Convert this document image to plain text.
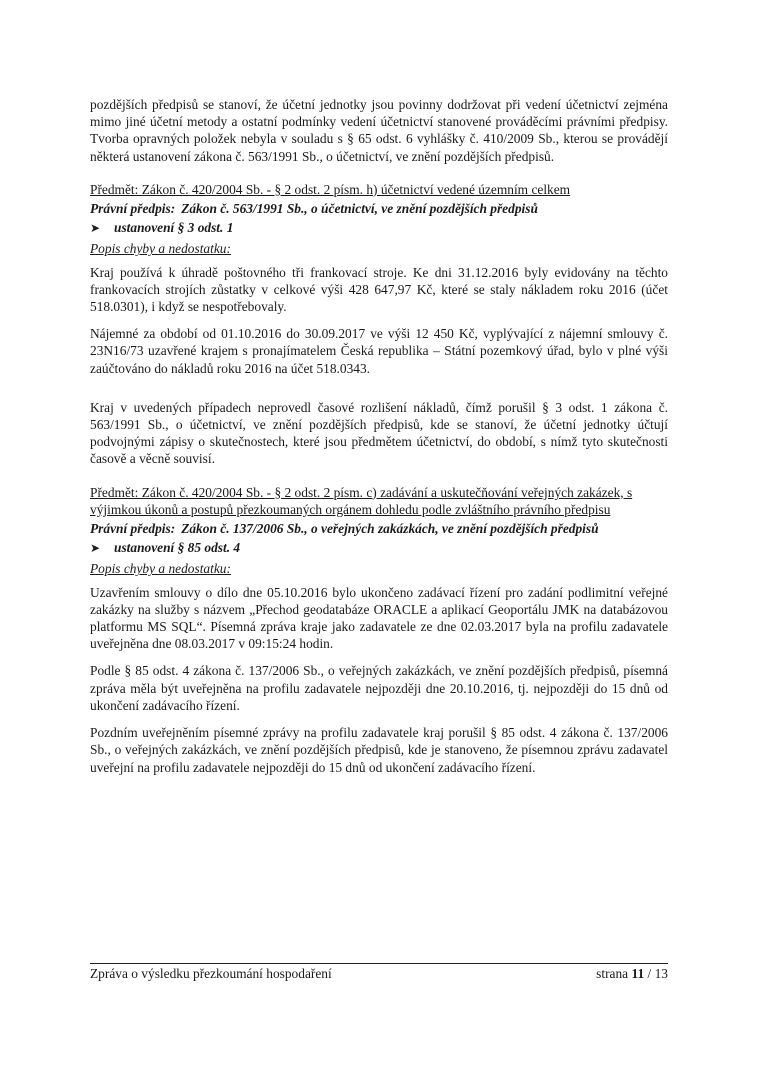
pozdějších předpisů se stanoví, že účetní jednotky jsou povinny dodržovat při vedení účetnictví zejména mimo jiné účetní metody a ostatní podmínky vedení účetnictví stanovené prováděcími právními předpisy. Tvorba opravných položek nebyla v souladu s § 65 odst. 6 vyhlášky č. 410/2009 Sb., kterou se provádějí některá ustanovení zákona č. 563/1991 Sb., o účetnictví, ve znění pozdějších předpisů.

Předmět: Zákon č. 420/2004 Sb. - § 2 odst. 2 písm. h) účetnictví vedené územním celkem

Právní předpis: Zákon č. 563/1991 Sb., o účetnictví, ve znění pozdějších předpisů
➤	ustanovení § 3 odst. 1

Popis chyby a nedostatku:

Kraj používá k úhradě poštovného tři frankovací stroje. Ke dni 31.12.2016 byly evidovány na těchto frankovacích strojích zůstatky v celkové výši 428 647,97 Kč, které se staly nákladem roku 2016 (účet 518.0301), i když se nespotřebovaly.

Nájemné za období od 01.10.2016 do 30.09.2017 ve výši 12 450 Kč, vyplývající z nájemní smlouvy č. 23N16/73 uzavřené krajem s pronajímatelem Česká republika – Státní pozemkový úřad, bylo v plné výši zaúčtováno do nákladů roku 2016 na účet 518.0343.

Kraj v uvedených případech neprovedl časové rozlišení nákladů, čímž porušil § 3 odst. 1 zákona č. 563/1991 Sb., o účetnictví, ve znění pozdějších předpisů, kde se stanoví, že účetní jednotky účtují podvojnými zápisy o skutečnostech, které jsou předmětem účetnictví, do období, s nímž tyto skutečnosti časově a věcně souvisí.

Předmět: Zákon č. 420/2004 Sb. - § 2 odst. 2 písm. c) zadávání a uskutečňování veřejných zakázek, s výjimkou úkonů a postupů přezkoumaných orgánem dohledu podle zvláštního právního předpisu

Právní předpis: Zákon č. 137/2006 Sb., o veřejných zakázkách, ve znění pozdějších předpisů
➤	ustanovení § 85 odst. 4

Popis chyby a nedostatku:

Uzavřením smlouvy o dílo dne 05.10.2016 bylo ukončeno zadávací řízení pro zadání podlimitní veřejné zakázky na služby s názvem „Přechod geodatabáze ORACLE a aplikací Geoportálu JMK na databázovou platformu MS SQL“. Písemná zpráva kraje jako zadavatele ze dne 02.03.2017 byla na profilu zadavatele uveřejněna dne 08.03.2017 v 09:15:24 hodin.

Podle § 85 odst. 4 zákona č. 137/2006 Sb., o veřejných zakázkách, ve znění pozdějších předpisů, písemná zpráva měla být uveřejněna na profilu zadavatele nejpozději dne 20.10.2016, tj. nejpozději do 15 dnů od ukončení zadávacího řízení.

Pozdním uveřejněním písemné zprávy na profilu zadavatele kraj porušil § 85 odst. 4 zákona č. 137/2006 Sb., o veřejných zakázkách, ve znění pozdějších předpisů, kde je stanoveno, že písemnou zprávu zadavatel uveřejní na profilu zadavatele nejpozději do 15 dnů od ukončení zadávacího řízení.

Zpráva o výsledku přezkoumání hospodaření	strana 11 / 13
